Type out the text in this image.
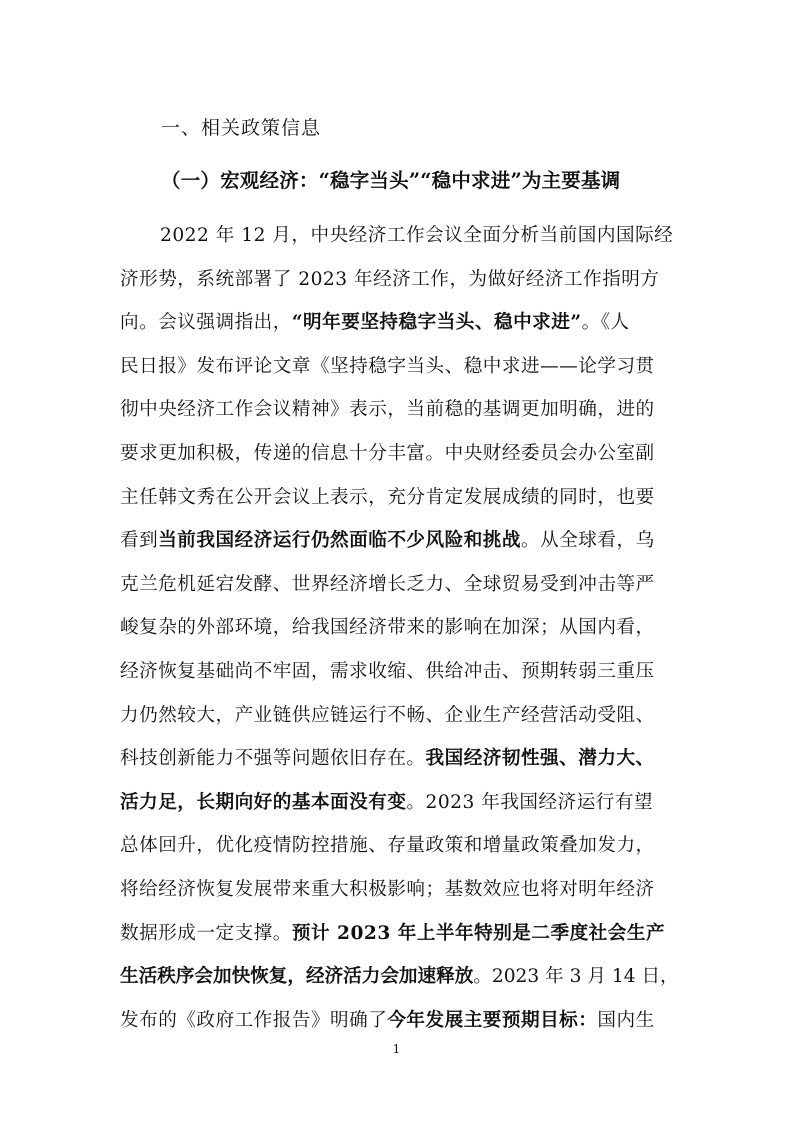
一、相关政策信息
（一）宏观经济：“稳字当头”“稳中求进”为主要基调
2022 年 12 月，中央经济工作会议全面分析当前国内国际经
济形势，系统部署了 2023 年经济工作，为做好经济工作指明方
向。会议强调指出，“明年要坚持稳字当头、稳中求进”。《人
民日报》发布评论文章《坚持稳字当头、稳中求进——论学习贯
彻中央经济工作会议精神》表示，当前稳的基调更加明确，进的
要求更加积极，传递的信息十分丰富。中央财经委员会办公室副
主任韩文秀在公开会议上表示，充分肯定发展成绩的同时，也要
看到当前我国经济运行仍然面临不少风险和挑战。从全球看，乌
克兰危机延宕发酵、世界经济增长乏力、全球贸易受到冲击等严
峻复杂的外部环境，给我国经济带来的影响在加深；从国内看，
经济恢复基础尚不牢固，需求收缩、供给冲击、预期转弱三重压
力仍然较大，产业链供应链运行不畅、企业生产经营活动受阻、
科技创新能力不强等问题依旧存在。我国经济韧性强、潜力大、
活力足，长期向好的基本面没有变。2023 年我国经济运行有望
总体回升，优化疫情防控措施、存量政策和增量政策叠加发力，
将给经济恢复发展带来重大积极影响；基数效应也将对明年经济
数据形成一定支撑。预计 2023 年上半年特别是二季度社会生产
生活秩序会加快恢复，经济活力会加速释放。2023 年 3 月 14 日，
发布的《政府工作报告》明确了今年发展主要预期目标：国内生
1
